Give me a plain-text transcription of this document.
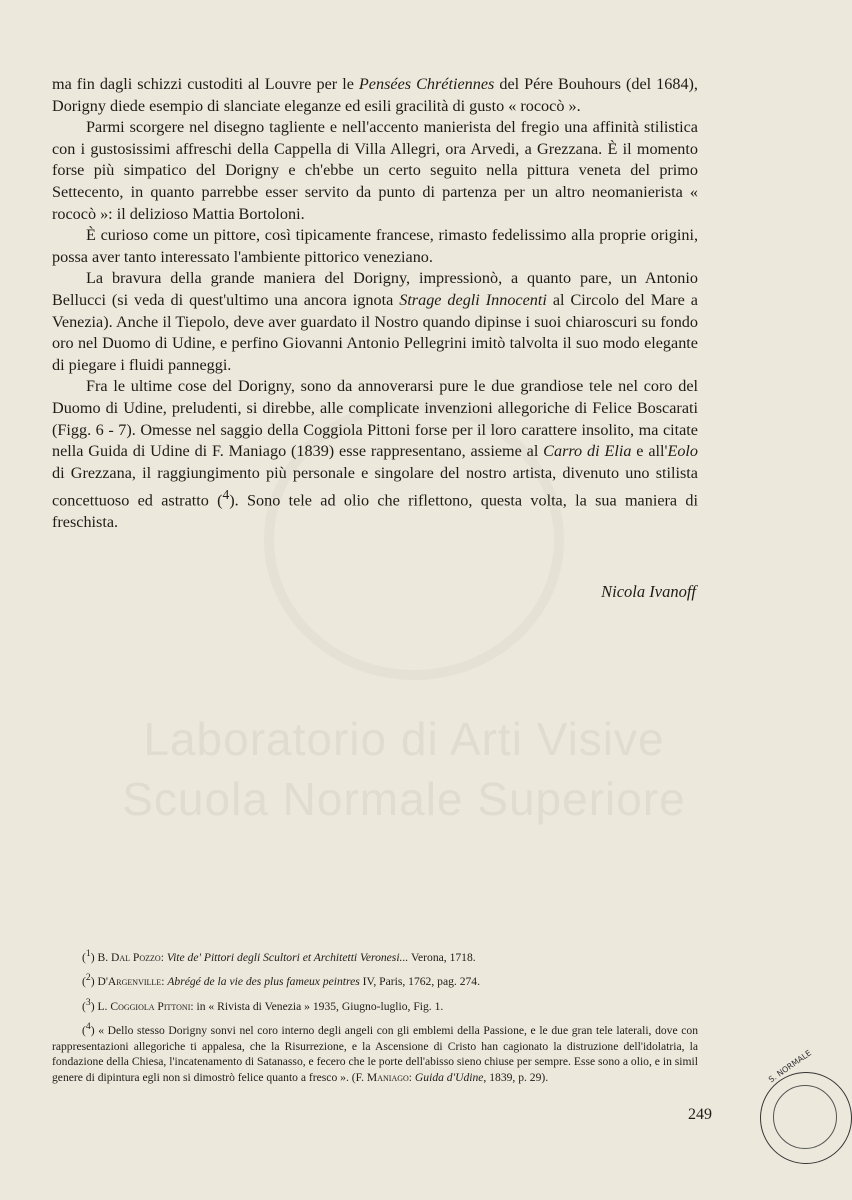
Laboratorio di Arti Visive
Scuola Normale Superiore

ma fin dagli schizzi custoditi al Louvre per le Pensées Chrétiennes del Pére Bouhours (del 1684), Dorigny diede esempio di slanciate eleganze ed esili gracilità di gusto « rococò ».

Parmi scorgere nel disegno tagliente e nell'accento manierista del fregio una affinità stilistica con i gustosissimi affreschi della Cappella di Villa Allegri, ora Arvedi, a Grezzana. È il momento forse più simpatico del Dorigny e ch'ebbe un certo seguito nella pittura veneta del primo Settecento, in quanto parrebbe esser servito da punto di partenza per un altro neomanierista « rococò »: il delizioso Mattia Bortoloni.

È curioso come un pittore, così tipicamente francese, rimasto fedelissimo alla proprie origini, possa aver tanto interessato l'ambiente pittorico veneziano.

La bravura della grande maniera del Dorigny, impressionò, a quanto pare, un Antonio Bellucci (si veda di quest'ultimo una ancora ignota Strage degli Innocenti al Circolo del Mare a Venezia). Anche il Tiepolo, deve aver guardato il Nostro quando dipinse i suoi chiaroscuri su fondo oro nel Duomo di Udine, e perfino Giovanni Antonio Pellegrini imitò talvolta il suo modo elegante di piegare i fluidi panneggi.

Fra le ultime cose del Dorigny, sono da annoverarsi pure le due grandiose tele nel coro del Duomo di Udine, preludenti, si direbbe, alle complicate invenzioni allegoriche di Felice Boscarati (Figg. 6 - 7). Omesse nel saggio della Coggiola Pittoni forse per il loro carattere insolito, ma citate nella Guida di Udine di F. Maniago (1839) esse rappresentano, assieme al Carro di Elia e all'Eolo di Grezzana, il raggiungimento più personale e singolare del nostro artista, divenuto uno stilista concettuoso ed astratto ($^4$). Sono tele ad olio che riflettono, questa volta, la sua maniera di freschista.

Nicola Ivanoff

($^1$) B. Dal Pozzo: Vite de' Pittori degli Scultori et Architetti Veronesi... Verona, 1718.

($^2$) D'Argenville: Abrégé de la vie des plus fameux peintres IV, Paris, 1762, pag. 274.

($^3$) L. Coggiola Pittoni: in « Rivista di Venezia » 1935, Giugno-luglio, Fig. 1.

($^4$) « Dello stesso Dorigny sonvi nel coro interno degli angeli con gli emblemi della Passione, e le due gran tele laterali, dove con rappresentazioni allegoriche ti appalesa, che la Risurrezione, e la Ascensione di Cristo han cagionato la distruzione dell'idolatria, la fondazione della Chiesa, l'incatenamento di Satanasso, e fecero che le porte dell'abisso sieno chiuse per sempre. Esse sono a olio, e in simil genere di dipintura egli non si dimostrò felice quanto a fresco ». (F. Maniago: Guida d'Udine, 1839, p. 29).

249
S. NORMALE
